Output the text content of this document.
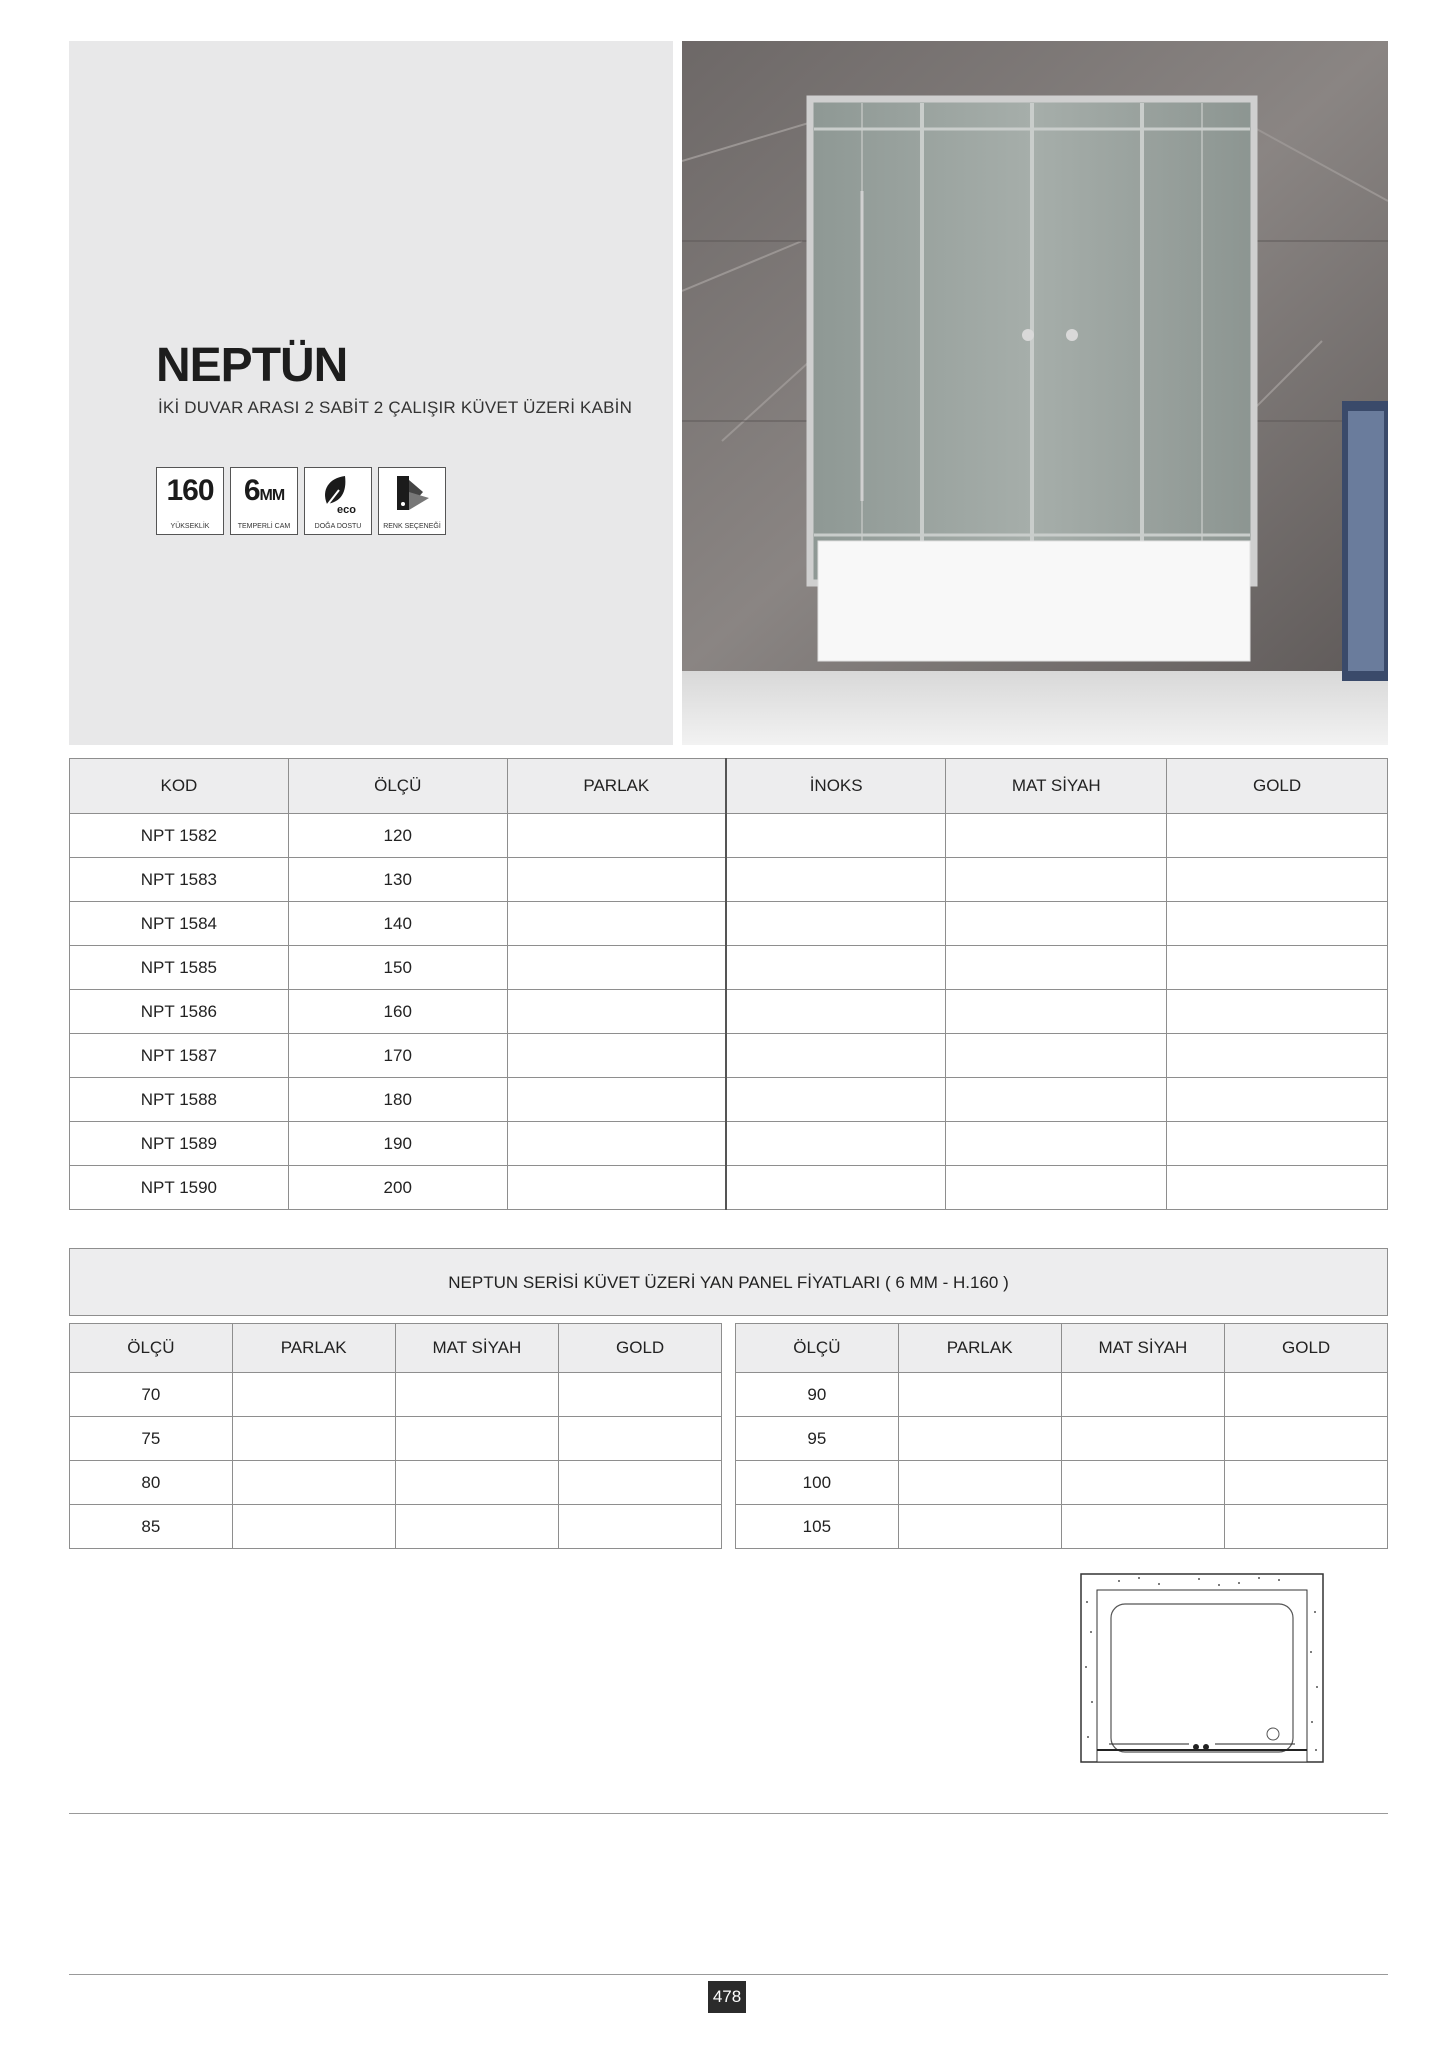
NEPTÜN
İKİ DUVAR ARASI 2 SABİT 2 ÇALIŞIR KÜVET ÜZERİ KABİN
160
YÜKSEKLİK
6MM
TEMPERLİ CAM
eco
DOĞA DOSTU	RENK SEÇENEĞİ
KOD	ÖLÇÜ	PARLAK	İNOKS	MAT SİYAH	GOLD
NPT 1582	120				
NPT 1583	130				
NPT 1584	140				
NPT 1585	150				
NPT 1586	160				
NPT 1587	170				
NPT 1588	180				
NPT 1589	190				
NPT 1590	200				
NEPTUN SERİSİ KÜVET ÜZERİ YAN PANEL FİYATLARI ( 6 MM - H.160 )
ÖLÇÜ	PARLAK	MAT SİYAH	GOLD
70			
75			
80			
85			
ÖLÇÜ	PARLAK	MAT SİYAH	GOLD
90			
95			
100			
105			
478
